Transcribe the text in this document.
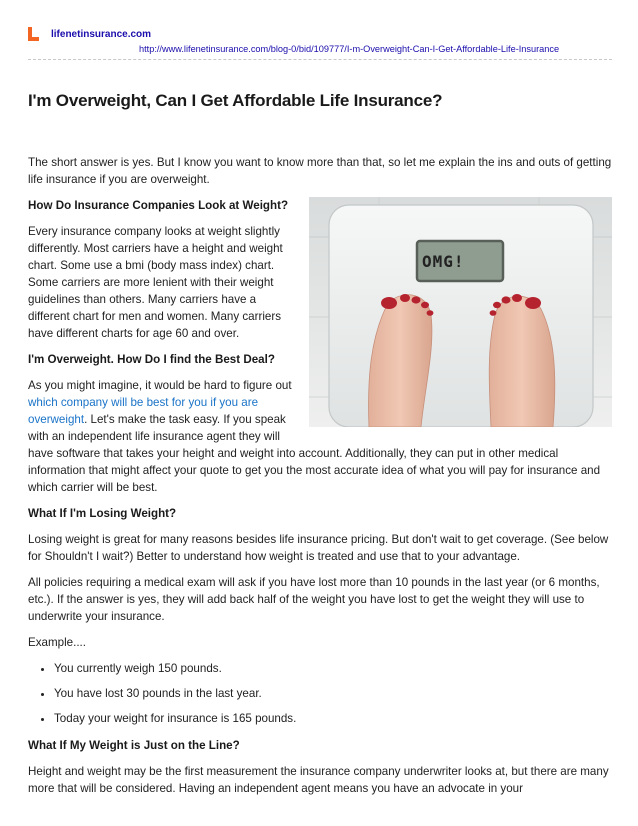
lifenetinsurance.com
http://www.lifenetinsurance.com/blog-0/bid/109777/I-m-Overweight-Can-I-Get-Affordable-Life-Insurance
I'm Overweight, Can I Get Affordable Life Insurance?

The short answer is yes. But I know you want to know more than that, so let me explain the ins and outs of getting life insurance if you are overweight.

OMG!
How Do Insurance Companies Look at Weight?

Every insurance company looks at weight slightly differently. Most carriers have a height and weight chart. Some use a bmi (body mass index) chart. Some carriers are more lenient with their weight guidelines than others. Many carriers have a different chart for men and women. Many carriers have different charts for age 60 and over.

I'm Overweight. How Do I find the Best Deal?

As you might imagine, it would be hard to figure out which company will be best for you if you are overweight. Let's make the task easy. If you speak with an independent life insurance agent they will have software that takes your height and weight into account. Additionally, they can put in other medical information that might affect your quote to get you the most accurate idea of what you will pay for insurance and which carrier will be best.

What If I'm Losing Weight?

Losing weight is great for many reasons besides life insurance pricing. But don't wait to get coverage. (See below for Shouldn't I wait?) Better to understand how weight is treated and use that to your advantage.

All policies requiring a medical exam will ask if you have lost more than 10 pounds in the last year (or 6 months, etc.). If the answer is yes, they will add back half of the weight you have lost to get the weight they will use to underwrite your insurance.

Example....

• You currently weigh 150 pounds.
• You have lost 30 pounds in the last year.
• Today your weight for insurance is 165 pounds.
What If My Weight is Just on the Line?

Height and weight may be the first measurement the insurance company underwriter looks at, but there are many more that will be considered. Having an independent agent means you have an advocate in your
